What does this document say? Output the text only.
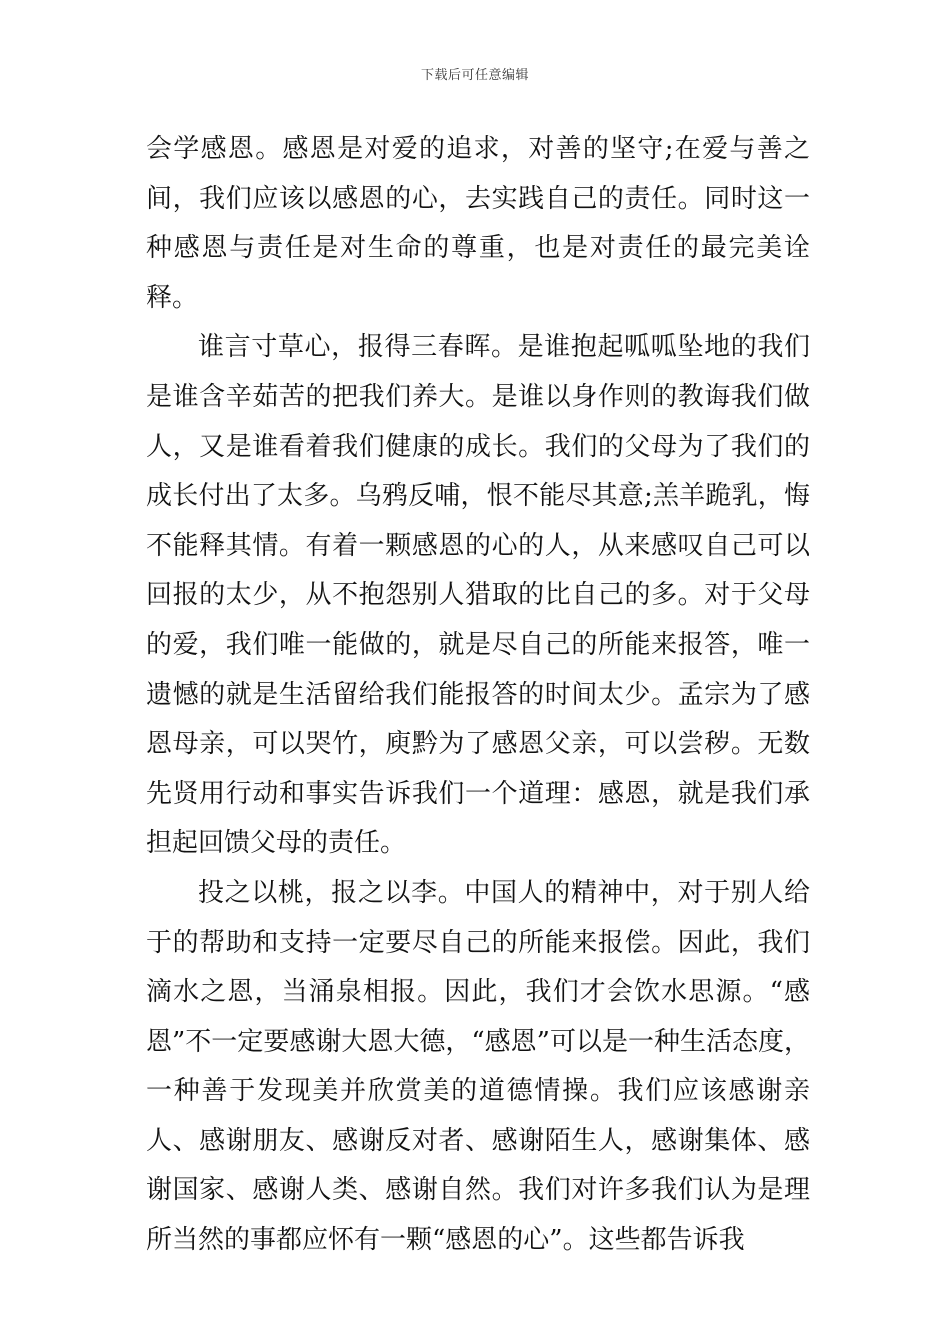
下载后可任意编辑

会学感恩。感恩是对爱的追求，对善的坚守;在爱与善之间，我们应该以感恩的心，去实践自己的责任。同时这一种感恩与责任是对生命的尊重，也是对责任的最完美诠释。

谁言寸草心，报得三春晖。是谁抱起呱呱坠地的我们是谁含辛茹苦的把我们养大。是谁以身作则的教诲我们做人，又是谁看着我们健康的成长。我们的父母为了我们的成长付出了太多。乌鸦反哺，恨不能尽其意;羔羊跪乳，悔不能释其情。有着一颗感恩的心的人，从来感叹自己可以回报的太少，从不抱怨别人猎取的比自己的多。对于父母的爱，我们唯一能做的，就是尽自己的所能来报答，唯一遗憾的就是生活留给我们能报答的时间太少。孟宗为了感恩母亲，可以哭竹，庾黔为了感恩父亲，可以尝秽。无数先贤用行动和事实告诉我们一个道理：感恩，就是我们承担起回馈父母的责任。

投之以桃，报之以李。中国人的精神中，对于别人给于的帮助和支持一定要尽自己的所能来报偿。因此，我们滴水之恩，当涌泉相报。因此，我们才会饮水思源。“感恩”不一定要感谢大恩大德，“感恩”可以是一种生活态度，一种善于发现美并欣赏美的道德情操。我们应该感谢亲人、感谢朋友、感谢反对者、感谢陌生人，感谢集体、感谢国家、感谢人类、感谢自然。我们对许多我们认为是理所当然的事都应怀有一颗“感恩的心”。这些都告诉我
